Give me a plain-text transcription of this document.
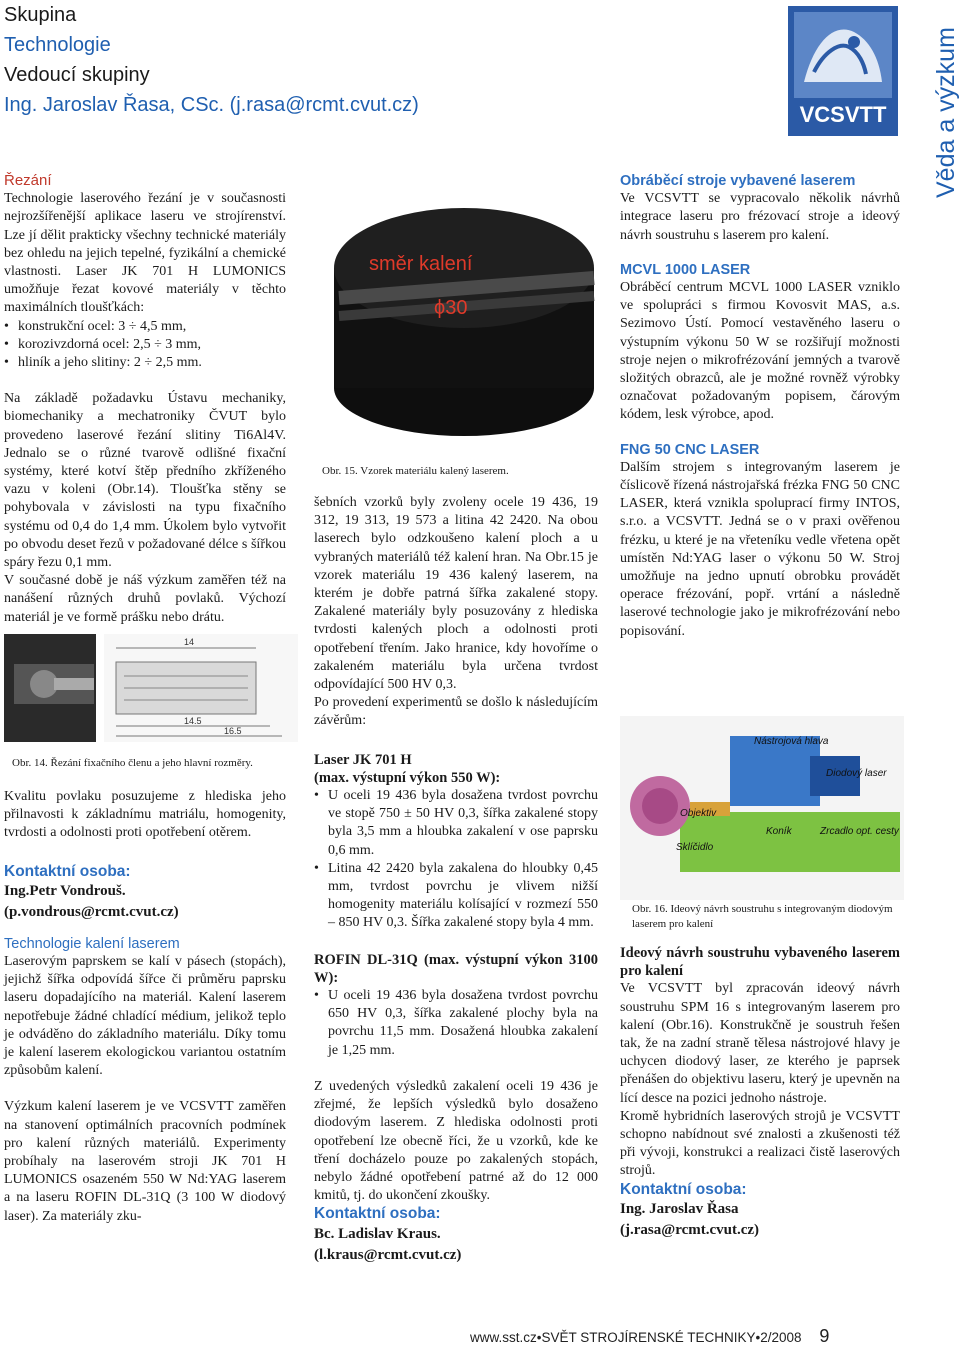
Skupina
Technologie
Vedoucí skupiny
Ing. Jaroslav Řasa, CSc. (j.rasa@rcmt.cvut.cz)	VCSVTT	Věda a výzkum
Řezání

Technologie laserového řezání je v současnosti nejrozšířenější aplikace laseru ve strojírenství. Lze jí dělit prakticky všechny technické materiály bez ohledu na jejich tepelné, fyzikální a chemické vlastnosti. Laser JK 701 H LUMONICS umožňuje řezat kovové materiály v těchto maximálních tloušťkách:

• konstrukční ocel: 3 ÷ 4,5 mm,
• korozivzdorná ocel: 2,5 ÷ 3 mm,
• hliník a jeho slitiny: 2 ÷ 2,5 mm.

Na základě požadavku Ústavu mechaniky, biomechaniky a mechatroniky ČVUT bylo provedeno laserové řezání slitiny Ti6Al4V. Jednalo se o různé tvarově odlišné fixační systémy, které kotví štěp předního zkříženého vazu v koleni (Obr.14). Tloušťka stěny se pohybovala v závislosti na typu fixačního systému od 0,4 do 1,4 mm. Úkolem bylo vytvořit po obvodu deset řezů v požadované délce s šířkou spáry řezu 0,1 mm.

V současné době je náš výzkum zaměřen též na nanášení různých druhů povlaků. Výchozí materiál je ve formě prášku nebo drátu.

14
14.5
16.5
Obr. 14. Řezání fixačního členu a jeho hlavní rozměry.

Kvalitu povlaku posuzujeme z hlediska jeho přilnavosti k základnímu matriálu, homogenity, tvrdosti a odolnosti proti opotřebení otěrem.

Kontaktní osoba:
Ing.Petr Vondrouš.
(p.vondrous@rcmt.cvut.cz)
Technologie kalení laserem

Laserovým paprskem se kalí v pásech (stopách), jejichž šířka odpovídá šířce či průměru paprsku laseru dopadajícího na materiál. Kalení laserem nepotřebuje žádné chladící médium, jelikož teplo je odváděno do základního materiálu. Díky tomu je kalení laserem ekologickou variantou ostatním způsobům kalení.

Výzkum kalení laserem je ve VCSVTT zaměřen na stanovení optimálních pracovních podmínek pro kalení různých materiálů. Experimenty probíhaly na laserovém stroji JK 701 H LUMONICS osazeném 550 W Nd:YAG laserem a na laseru ROFIN DL-31Q (3 100 W diodový laser). Za materiály zku-

směr kalení
ϕ30
Obr. 15. Vzorek materiálu kalený laserem.

šebních vzorků byly zvoleny ocele 19 436, 19 312, 19 313, 19 573 a litina 42 2420. Na obou laserech bylo odzkoušeno kalení ploch a u vybraných materiálů též kalení hran. Na Obr.15 je vzorek materiálu 19 436 kalený laserem, na kterém je dobře patrná šířka zakalené stopy. Zakalené materiály byly posuzovány z hlediska tvrdosti kalených ploch a odolnosti proti opotřebení třením. Jako hranice, kdy hovoříme o zakaleném materiálu byla určena tvrdost odpovídající 500 HV 0,3.

Po provedení experimentů se došlo k následujícím závěrům:

Laser JK 701 H
(max. výstupní výkon 550 W):
• U oceli 19 436 byla dosažena tvrdost povrchu ve stopě 750 ± 50 HV 0,3, šířka zakalené stopy byla 3,5 mm a hloubka zakalení v ose paprsku 0,6 mm.
• Litina 42 2420 byla zakalena do hloubky 0,45 mm, tvrdost povrchu je vlivem nižší homogenity materiálu kolísající v rozmezí 550 – 850 HV 0,3. Šířka zakalené stopy byla 4 mm.
ROFIN DL-31Q (max. výstupní výkon 3100 W):
• U oceli 19 436 byla dosažena tvrdost povrchu 650 HV 0,3, šířka zakalené plochy byla na povrchu 11,5 mm. Dosažená hloubka zakalení je 1,25 mm.

Z uvedených výsledků zakalení oceli 19 436 je zřejmé, že lepších výsledků bylo dosaženo diodovým laserem. Z hlediska odolnosti proti opotřebení lze obecně říci, že u vzorků, kde ke tření docházelo pouze po zakalených stopách, nebylo žádné opotřebení patrné až do 12 000 kmitů, tj. do ukončení zkoušky.

Kontaktní osoba:
Bc. Ladislav Kraus.
(l.kraus@rcmt.cvut.cz)
Obráběcí stroje vybavené laserem

Ve VCSVTT se vypracovalo několik návrhů integrace laseru pro frézovací stroje a ideový návrh soustruhu s laserem pro kalení.

MCVL 1000 LASER

Obráběcí centrum MCVL 1000 LASER vzniklo ve spolupráci s firmou Kovosvit MAS, a.s. Sezimovo Ústí. Pomocí vestavěného laseru o výstupním výkonu 50 W se rozšiřují možnosti stroje nejen o mikrofrézování jemných a tvarově složitých obrazců, ale je možné rovněž výrobky označovat požadovaným popisem, čárovým kódem, lesk výrobce, apod.

FNG 50 CNC LASER

Dalším strojem s integrovaným laserem je číslicově řízená nástrojařská frézka FNG 50 CNC LASER, která vznikla spoluprací firmy INTOS, s.r.o. a VCSVTT. Jedná se o v praxi ověřenou frézku, u které je na vřeteníku vedle vřetena opět umístěn Nd:YAG laser o výkonu 50 W. Stroj umožňuje na jedno upnutí obrobku provádět operace frézování, popř. vrtání a následně laserové technologie jako je mikrofrézování nebo popisování.

Nástrojová hlava
Diodový laser
Objektiv
Koník	Zrcadlo opt. cesty
Sklíčidlo
Obr. 16. Ideový návrh soustruhu s integrovaným diodovým laserem pro kalení
Ideový návrh soustruhu vybaveného laserem pro kalení

Ve VCSVTT byl zpracován ideový návrh soustruhu SPM 16 s integrovaným laserem pro kalení (Obr.16). Konstrukčně je soustruh řešen tak, že na zadní straně tělesa nástrojové hlavy je uchycen diodový laser, ze kterého je paprsek přenášen do objektivu laseru, který je upevněn na lící desce na pozici jednoho nástroje.

Kromě hybridních laserových strojů je VCSVTT schopno nabídnout své znalosti a zkušenosti též při vývoji, konstrukci a realizaci čistě laserových strojů.

Kontaktní osoba:
Ing. Jaroslav Řasa
(j.rasa@rcmt.cvut.cz)
www.sst.cz•SVĚT STROJÍRENSKÉ TECHNIKY•2/2008 9
